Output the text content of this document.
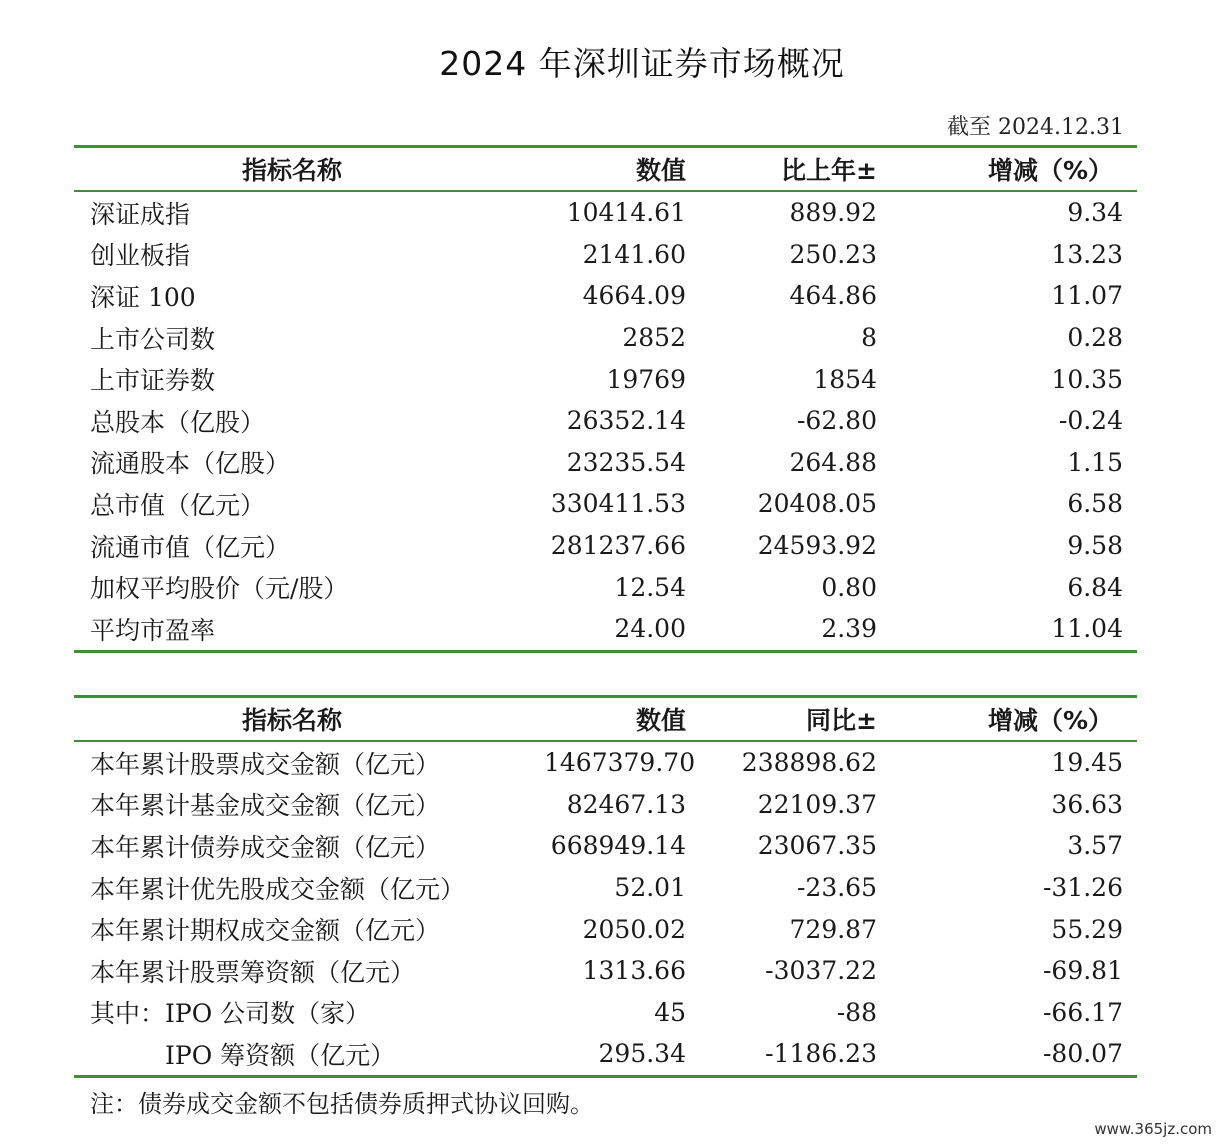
2024 年深圳证券市场概况
截至 2024.12.31
指标名称	数值	比上年±	增减（%）
深证成指	10414.61	889.92	9.34
创业板指	2141.60	250.23	13.23
深证 100	4664.09	464.86	11.07
上市公司数	2852	8	0.28
上市证券数	19769	1854	10.35
总股本（亿股）	26352.14	-62.80	-0.24
流通股本（亿股）	23235.54	264.88	1.15
总市值（亿元）	330411.53	20408.05	6.58
流通市值（亿元）	281237.66	24593.92	9.58
加权平均股价（元/股）	12.54	0.80	6.84
平均市盈率	24.00	2.39	11.04
指标名称	数值	同比±	增减（%）
本年累计股票成交金额（亿元）	1467379.70	238898.62	19.45
本年累计基金成交金额（亿元）	82467.13	22109.37	36.63
本年累计债券成交金额（亿元）	668949.14	23067.35	3.57
本年累计优先股成交金额（亿元）	52.01	-23.65	-31.26
本年累计期权成交金额（亿元）	2050.02	729.87	55.29
本年累计股票筹资额（亿元）	1313.66	-3037.22	-69.81
其中：IPO 公司数（家）	45	-88	-66.17
　　　IPO 筹资额（亿元）	295.34	-1186.23	-80.07
注：债券成交金额不包括债券质押式协议回购。
www.365jz.com
